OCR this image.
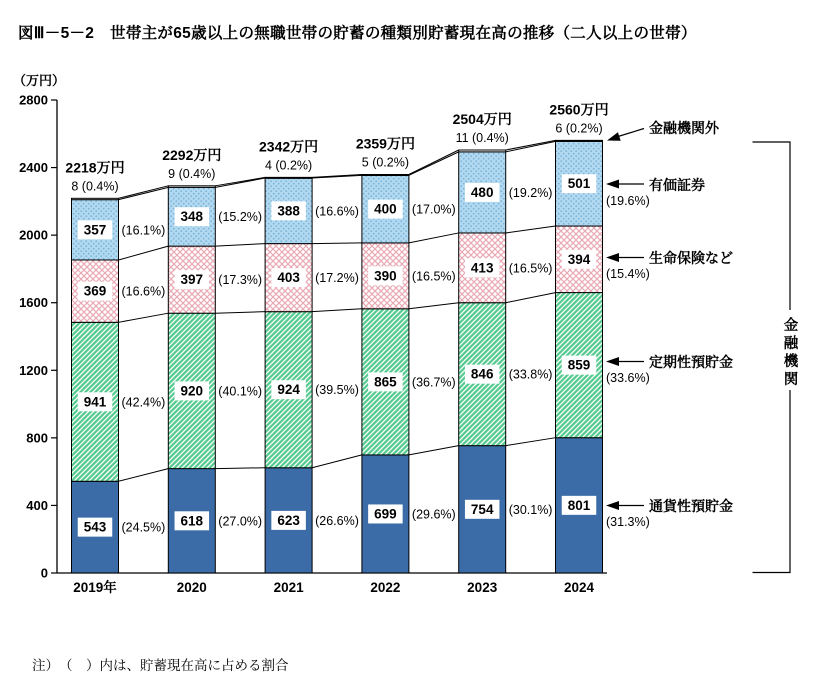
図Ⅲ－5－2　世帯主が65歳以上の無職世帯の貯蓄の種類別貯蓄現在高の推移（二人以上の世帯）
0
400
800
1200
1600
2000
2400
2800
（万円）
2019年	2020	2021	2022	2023	2024
543 (24.5%)
941 (42.4%)
369 (16.6%)
357 (16.1%)
2218万円
8 (0.4%)
618 (27.0%)
920 (40.1%)
397 (17.3%)
348 (15.2%)
2292万円
9 (0.4%)
623 (26.6%)
924 (39.5%)
403 (17.2%)
388 (16.6%)
2342万円
4 (0.2%)
699 (29.6%)
865 (36.7%)
390 (16.5%)
400 (17.0%)
2359万円
5 (0.2%)
754 (30.1%)
846 (33.8%)
413 (16.5%)
480 (19.2%)
2504万円
11 (0.4%)
801
859
394
501
2560万円
6 (0.2%)	金融機関外
有価証券
(19.6%)
生命保険など
(15.4%)
定期性預貯金
(33.6%)
通貨性預貯金
(31.3%)
金
融
機
関
注）　（　）内は、貯蓄現在高に占める割合
